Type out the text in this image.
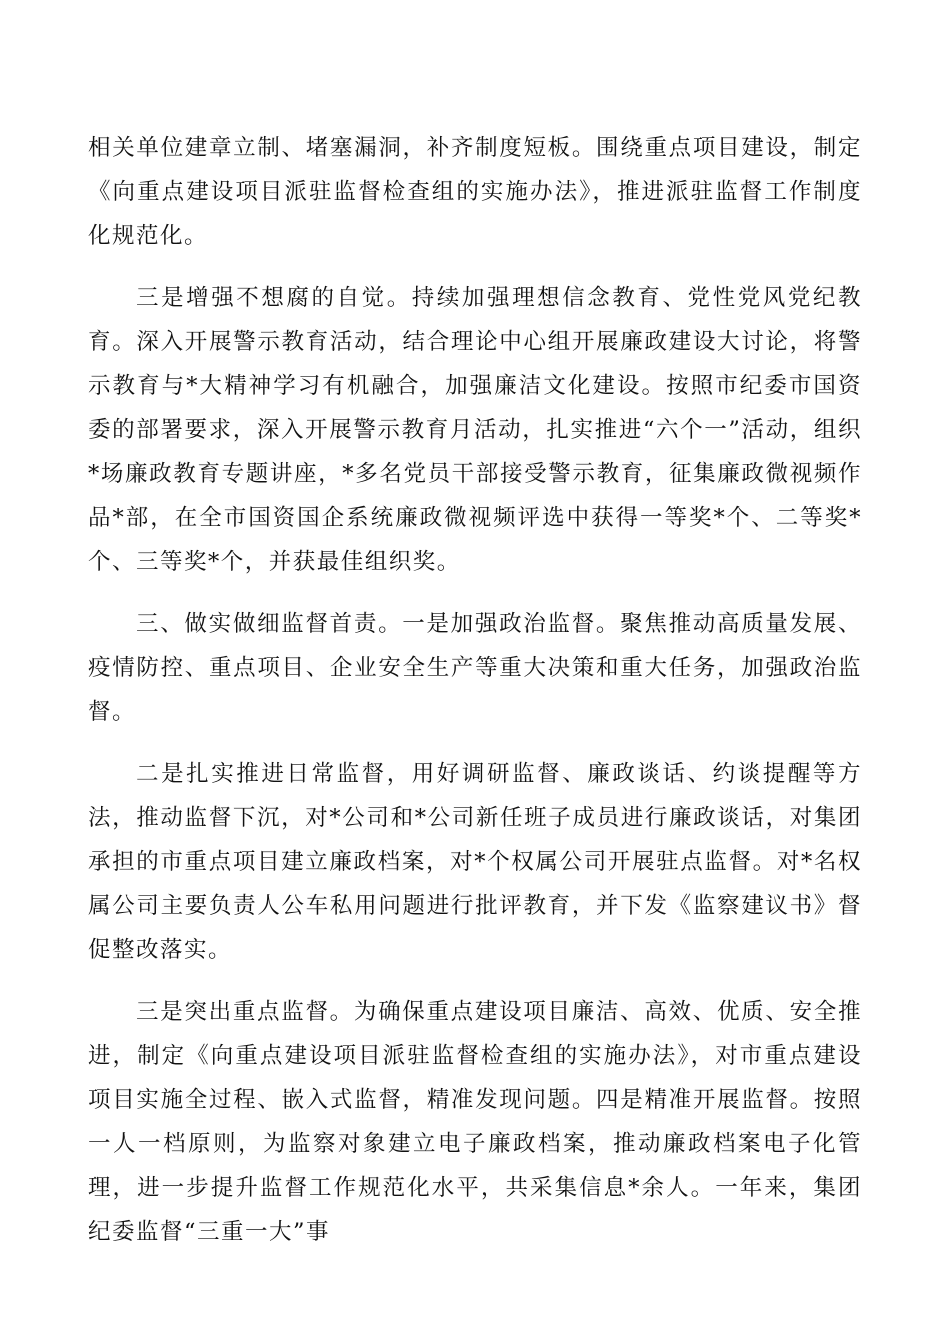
相关单位建章立制、堵塞漏洞，补齐制度短板。围绕重点项目建设，制定《向重点建设项目派驻监督检查组的实施办法》，推进派驻监督工作制度化规范化。

三是增强不想腐的自觉。持续加强理想信念教育、党性党风党纪教育。深入开展警示教育活动，结合理论中心组开展廉政建设大讨论，将警示教育与*大精神学习有机融合，加强廉洁文化建设。按照市纪委市国资委的部署要求，深入开展警示教育月活动，扎实推进“六个一”活动，组织*场廉政教育专题讲座，*多名党员干部接受警示教育，征集廉政微视频作品*部，在全市国资国企系统廉政微视频评选中获得一等奖*个、二等奖*个、三等奖*个，并获最佳组织奖。

三、做实做细监督首责。一是加强政治监督。聚焦推动高质量发展、疫情防控、重点项目、企业安全生产等重大决策和重大任务，加强政治监督。

二是扎实推进日常监督，用好调研监督、廉政谈话、约谈提醒等方法，推动监督下沉，对*公司和*公司新任班子成员进行廉政谈话，对集团承担的市重点项目建立廉政档案，对*个权属公司开展驻点监督。对*名权属公司主要负责人公车私用问题进行批评教育，并下发《监察建议书》督促整改落实。

三是突出重点监督。为确保重点建设项目廉洁、高效、优质、安全推进，制定《向重点建设项目派驻监督检查组的实施办法》，对市重点建设项目实施全过程、嵌入式监督，精准发现问题。四是精准开展监督。按照一人一档原则，为监察对象建立电子廉政档案，推动廉政档案电子化管理，进一步提升监督工作规范化水平，共采集信息*余人。一年来，集团纪委监督“三重一大”事
